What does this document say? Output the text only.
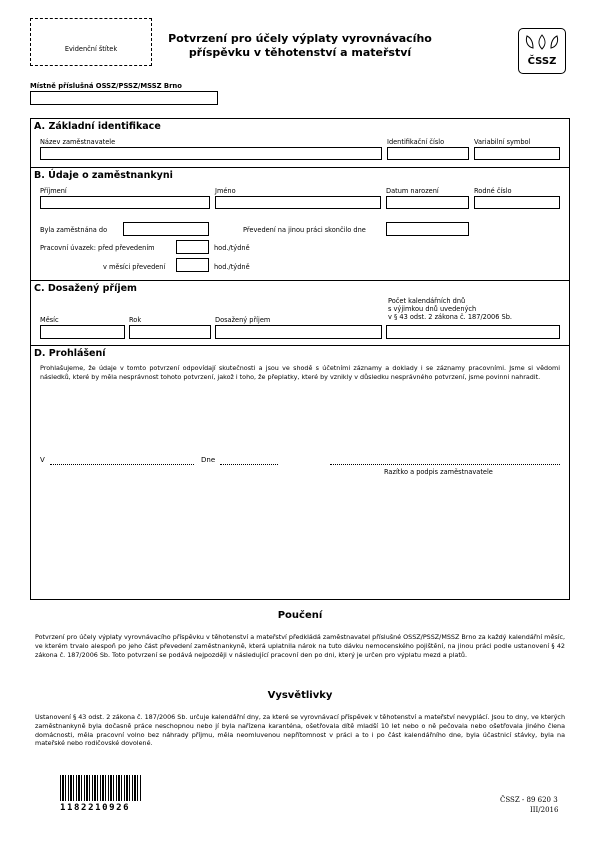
Evidenční štítek
Potvrzení pro účely výplaty vyrovnávacího
příspěvku v těhotenství a mateřství
ČSSZ
Místně příslušná OSSZ/PSSZ/MSSZ Brno
A. Základní identifikace
Název zaměstnavatele	Identifikační číslo	Variabilní symbol
B. Údaje o zaměstnankyni
Příjmení	Jméno	Datum narození	Rodné číslo
Byla zaměstnána do	Převedení na jinou práci skončilo dne
Pracovní úvazek: před převedením	hod./týdně
v měsíci převedení	hod./týdně
C. Dosažený příjem
Počet kalendářních dnů
s výjimkou dnů uvedených
v § 43 odst. 2 zákona č. 187/2006 Sb.
Měsíc	Rok	Dosažený příjem
D. Prohlášení
Prohlašujeme, že údaje v tomto potvrzení odpovídají skutečnosti a jsou ve shodě s účetními záznamy a doklady i se záznamy pracovními. Jsme si vědomi následků, které by měla nesprávnost tohoto potvrzení, jakož i toho, že přeplatky, které by vznikly v důsledku nesprávného potvrzení, jsme povinni nahradit.
V	Dne
Razítko a podpis zaměstnavatele
Poučení
Potvrzení pro účely výplaty vyrovnávacího příspěvku v těhotenství a mateřství předkládá zaměstnavatel příslušné OSSZ/PSSZ/MSSZ Brno za každý kalendářní měsíc, ve kterém trvalo alespoň po jeho část převedení zaměstnankyně, která uplatnila nárok na tuto dávku nemocenského pojištění, na jinou práci podle ustanovení § 42 zákona č. 187/2006 Sb. Toto potvrzení se podává nejpozději v následující pracovní den po dni, který je určen pro výplatu mezd a platů.
Vysvětlivky
Ustanovení § 43 odst. 2 zákona č. 187/2006 Sb. určuje kalendářní dny, za které se vyrovnávací příspěvek v těhotenství a mateřství nevyplácí. Jsou to dny, ve kterých zaměstnankyně byla dočasně práce neschopnou nebo jí byla nařízena karanténa, ošetřovala dítě mladší 10 let nebo o ně pečovala nebo ošetřovala jiného člena domácnosti, měla pracovní volno bez náhrady příjmu, měla neomluvenou nepřítomnost v práci a to i po část kalendářního dne, byla účastnicí stávky, byla na mateřské nebo rodičovské dovolené.
1182210926
ČSSZ - 89 620 3
III/2016
